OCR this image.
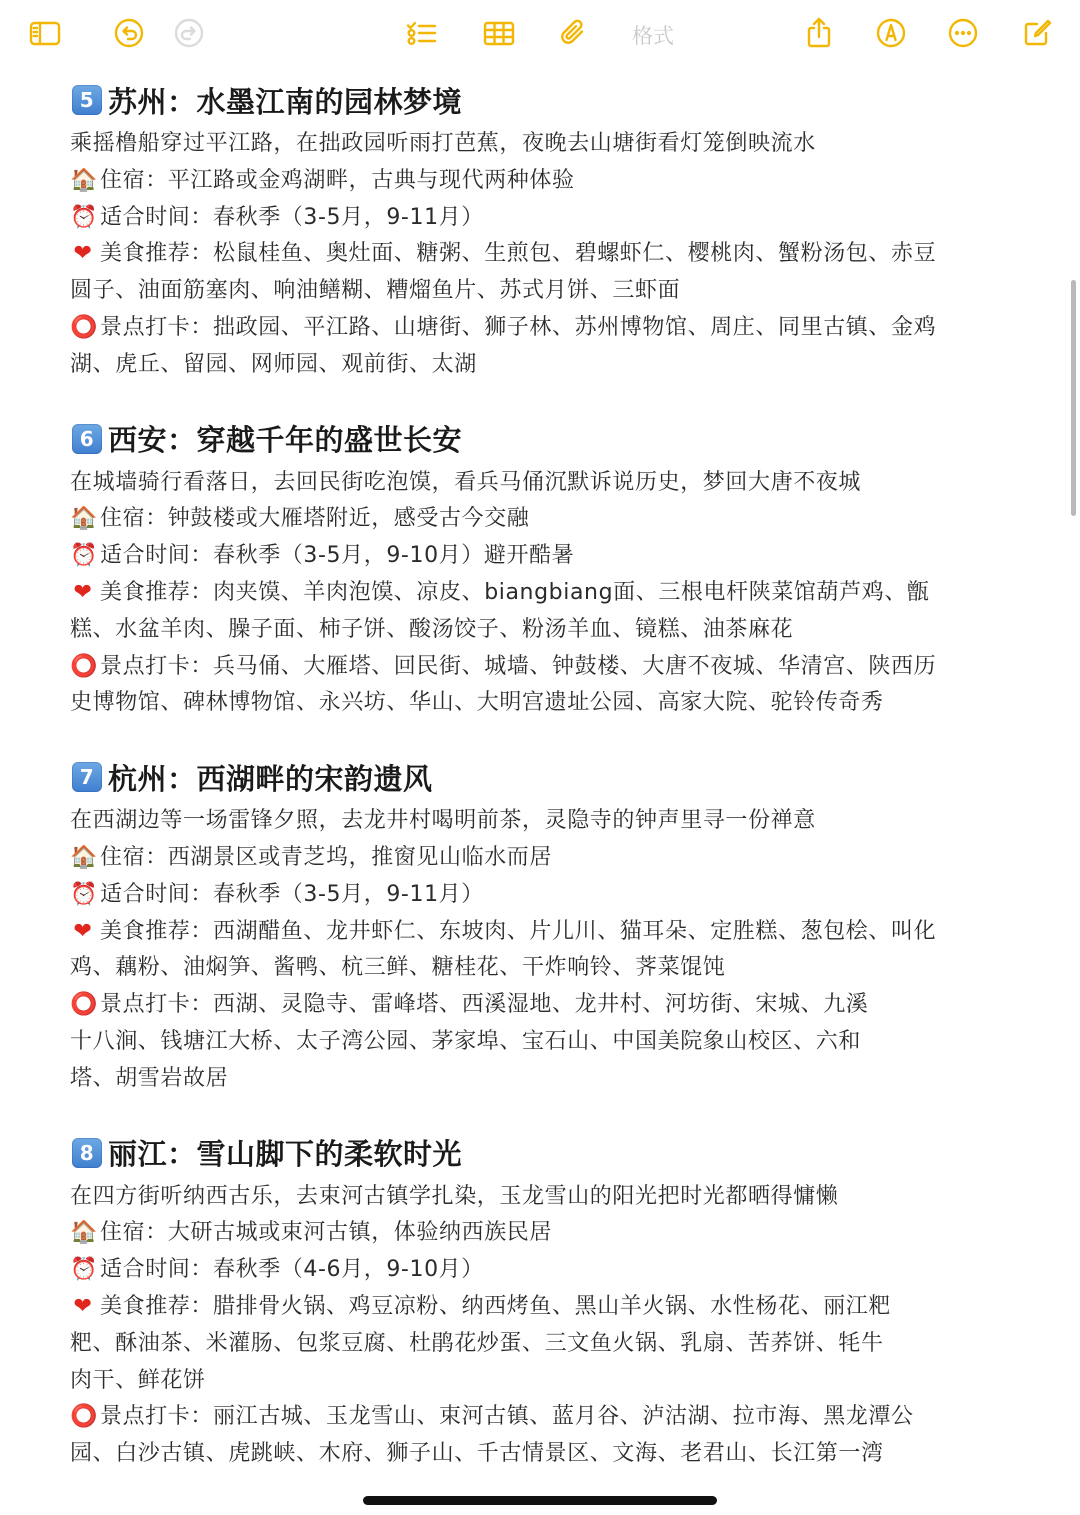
格式
5 苏州：水墨江南的园林梦境
乘摇橹船穿过平江路，在拙政园听雨打芭蕉，夜晚去山塘街看灯笼倒映流水
🏠住宿：平江路或金鸡湖畔，古典与现代两种体验
⏰适合时间：春秋季（3-5月，9-11月）
❤ 美食推荐：松鼠桂鱼、奥灶面、糖粥、生煎包、碧螺虾仁、樱桃肉、蟹粉汤包、赤豆
圆子、油面筋塞肉、响油鳝糊、糟熘鱼片、苏式月饼、三虾面
⭕景点打卡：拙政园、平江路、山塘街、狮子林、苏州博物馆、周庄、同里古镇、金鸡
湖、虎丘、留园、网师园、观前街、太湖
6 西安：穿越千年的盛世长安
在城墙骑行看落日，去回民街吃泡馍，看兵马俑沉默诉说历史，梦回大唐不夜城
🏠住宿：钟鼓楼或大雁塔附近，感受古今交融
⏰适合时间：春秋季（3-5月，9-10月）避开酷暑
❤ 美食推荐：肉夹馍、羊肉泡馍、凉皮、biangbiang面、三根电杆陕菜馆葫芦鸡、甑
糕、水盆羊肉、臊子面、柿子饼、酸汤饺子、粉汤羊血、镜糕、油茶麻花
⭕景点打卡：兵马俑、大雁塔、回民街、城墙、钟鼓楼、大唐不夜城、华清宫、陕西历
史博物馆、碑林博物馆、永兴坊、华山、大明宫遗址公园、高家大院、驼铃传奇秀
7 杭州：西湖畔的宋韵遗风
在西湖边等一场雷锋夕照，去龙井村喝明前茶，灵隐寺的钟声里寻一份禅意
🏠住宿：西湖景区或青芝坞，推窗见山临水而居
⏰适合时间：春秋季（3-5月，9-11月）
❤ 美食推荐：西湖醋鱼、龙井虾仁、东坡肉、片儿川、猫耳朵、定胜糕、葱包桧、叫化
鸡、藕粉、油焖笋、酱鸭、杭三鲜、糖桂花、干炸响铃、荠菜馄饨
⭕景点打卡：西湖、灵隐寺、雷峰塔、西溪湿地、龙井村、河坊街、宋城、九溪
十八涧、钱塘江大桥、太子湾公园、茅家埠、宝石山、中国美院象山校区、六和
塔、胡雪岩故居
8 丽江：雪山脚下的柔软时光
在四方街听纳西古乐，去束河古镇学扎染，玉龙雪山的阳光把时光都晒得慵懒
🏠住宿：大研古城或束河古镇，体验纳西族民居
⏰适合时间：春秋季（4-6月，9-10月）
❤ 美食推荐：腊排骨火锅、鸡豆凉粉、纳西烤鱼、黑山羊火锅、水性杨花、丽江粑
粑、酥油茶、米灌肠、包浆豆腐、杜鹃花炒蛋、三文鱼火锅、乳扇、苦荞饼、牦牛
肉干、鲜花饼
⭕景点打卡：丽江古城、玉龙雪山、束河古镇、蓝月谷、泸沽湖、拉市海、黑龙潭公
园、白沙古镇、虎跳峡、木府、狮子山、千古情景区、文海、老君山、长江第一湾
